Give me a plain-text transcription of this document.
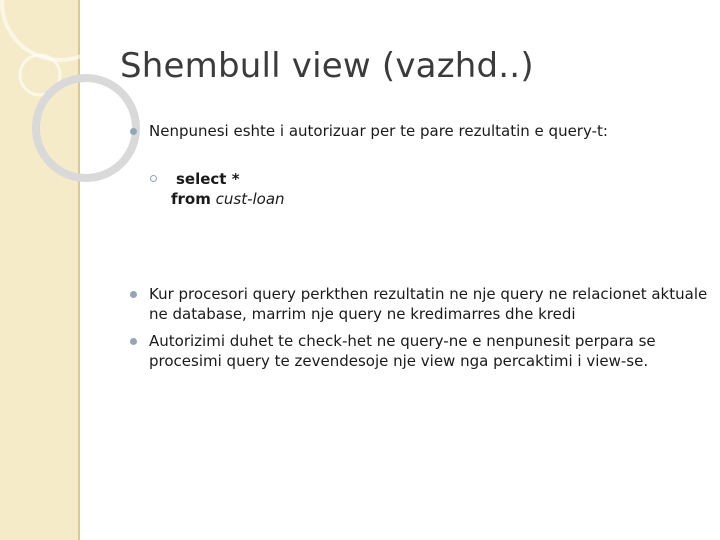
Shembull view (vazhd..)
Nenpunesi eshte i autorizuar per te pare rezultatin e query-t:
select *
from cust-loan
Kur procesori query perkthen rezultatin ne nje query ne relacionet aktuale ne database, marrim nje query ne kredimarres dhe kredi
Autorizimi duhet te check-het ne query-ne e nenpunesit perpara se procesimi query te zevendesoje nje view nga percaktimi i view-se.
